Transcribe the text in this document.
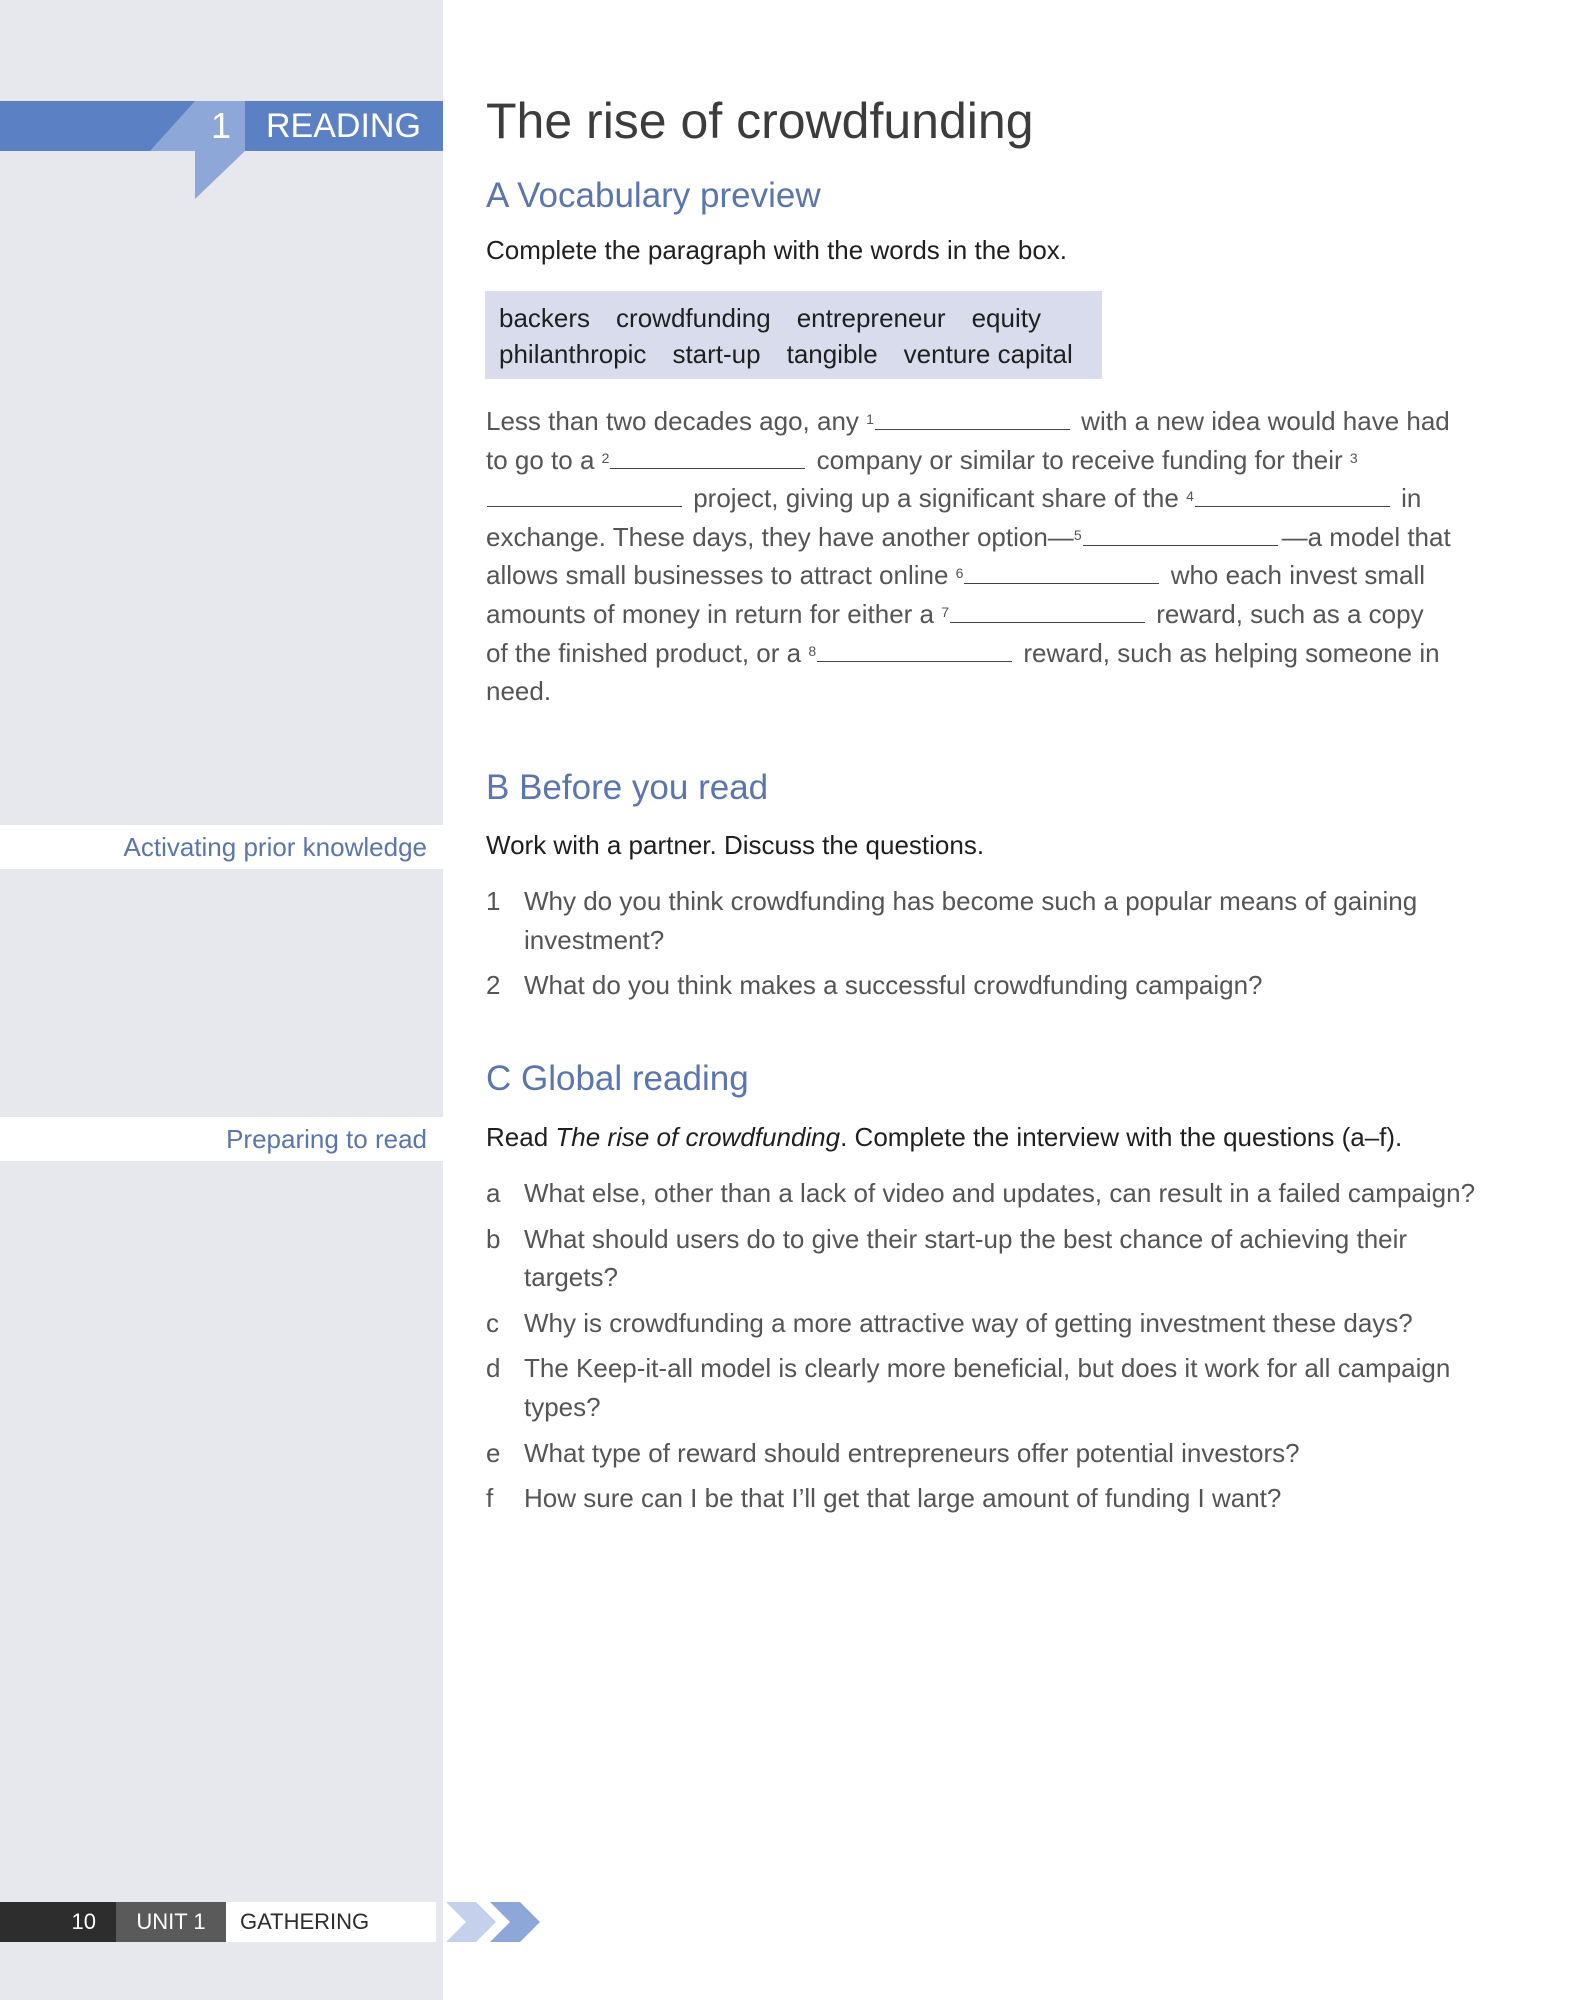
1	READING The rise of crowdfunding
A Vocabulary preview
Complete the paragraph with the words in the box.
backers crowdfunding entrepreneur equity
philanthropic start-up tangible venture capital
Less than two decades ago, any $^1$	with a new idea would have had to go to a $^2$	company or similar to receive funding for their $^3$ project, giving up a significant share of the $^4$	in exchange. These days, they have another option—$^5$	—a model that allows small businesses to attract online $^6$	who each invest small amounts of money in return for either a $^7$	reward, such as a copy of the finished product, or a $^8$	reward, such as helping someone in need.
B Before you read
Activating prior knowledge	Work with a partner. Discuss the questions.
1 Why do you think crowdfunding has become such a popular means of gaining investment?
2 What do you think makes a successful crowdfunding campaign?
C Global reading
Preparing to read	Read The rise of crowdfunding. Complete the interview with the questions (a–f).
a What else, other than a lack of video and updates, can result in a failed campaign?
b What should users do to give their start-up the best chance of achieving their targets?
c Why is crowdfunding a more attractive way of getting investment these days?
d The Keep-it-all model is clearly more beneficial, but does it work for all campaign types?
e What type of reward should entrepreneurs offer potential investors?
f	How sure can I be that I’ll get that large amount of funding I want?
10	UNIT 1	GATHERING
